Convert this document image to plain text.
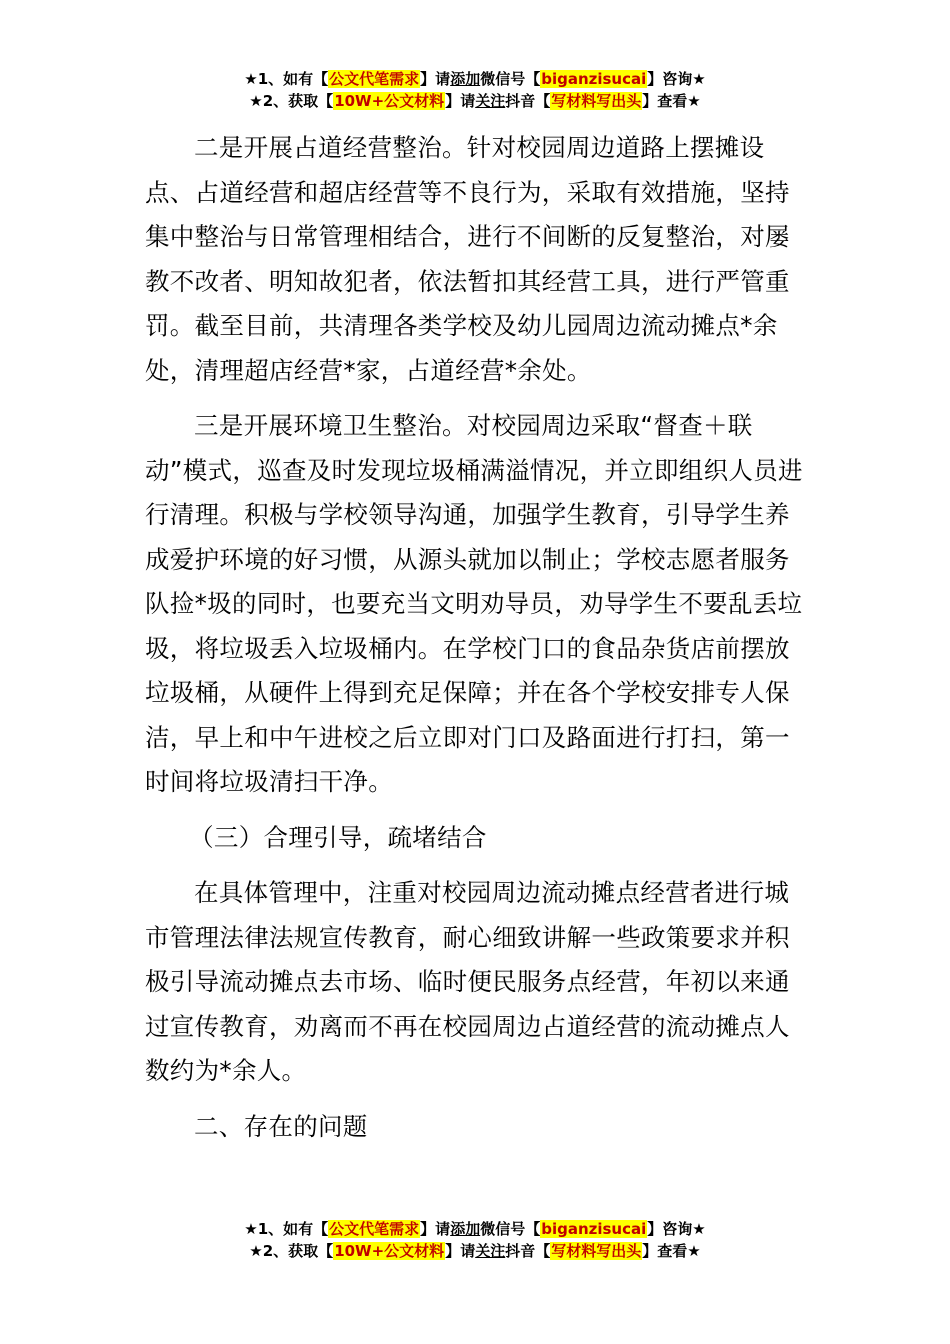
★1、如有【公文代笔需求】请添加微信号【biganzisucai】咨询★
★2、获取【10W+公文材料】请关注抖音【写材料写出头】查看★

二是开展占道经营整治。针对校园周边道路上摆摊设点、占道经营和超店经营等不良行为，采取有效措施，坚持集中整治与日常管理相结合，进行不间断的反复整治，对屡教不改者、明知故犯者，依法暂扣其经营工具，进行严管重罚。截至目前，共清理各类学校及幼儿园周边流动摊点*余处，清理超店经营*家，占道经营*余处。

三是开展环境卫生整治。对校园周边采取“督查＋联动”模式，巡查及时发现垃圾桶满溢情况，并立即组织人员进行清理。积极与学校领导沟通，加强学生教育，引导学生养成爱护环境的好习惯，从源头就加以制止；学校志愿者服务队捡*圾的同时，也要充当文明劝导员，劝导学生不要乱丢垃圾，将垃圾丢入垃圾桶内。在学校门口的食品杂货店前摆放垃圾桶，从硬件上得到充足保障；并在各个学校安排专人保洁，早上和中午进校之后立即对门口及路面进行打扫，第一时间将垃圾清扫干净。

（三）合理引导，疏堵结合

在具体管理中，注重对校园周边流动摊点经营者进行城市管理法律法规宣传教育，耐心细致讲解一些政策要求并积极引导流动摊点去市场、临时便民服务点经营，年初以来通过宣传教育，劝离而不再在校园周边占道经营的流动摊点人数约为*余人。

二、存在的问题

★1、如有【公文代笔需求】请添加微信号【biganzisucai】咨询★
★2、获取【10W+公文材料】请关注抖音【写材料写出头】查看★
